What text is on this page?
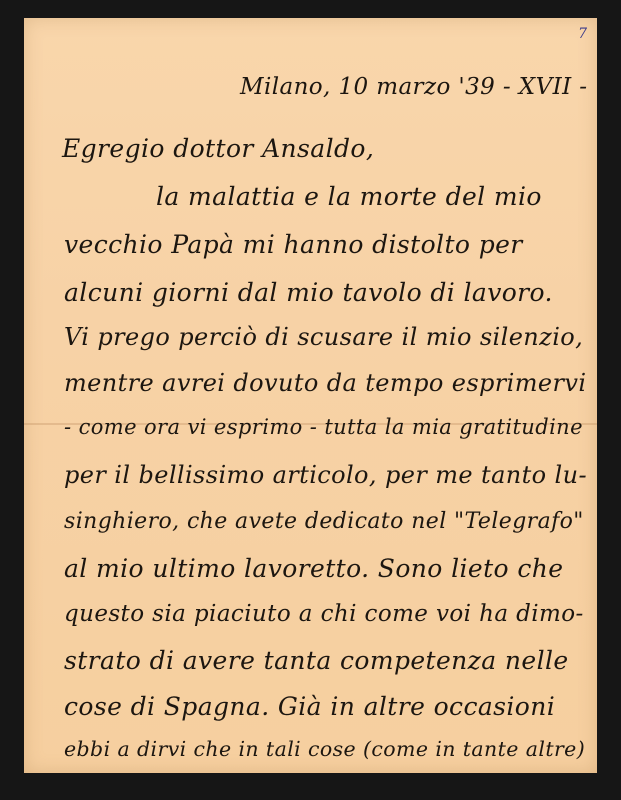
7
Milano, 10 marzo '39 - XVII -
Egregio dottor Ansaldo,
la malattia e la morte del mio
vecchio Papà mi hanno distolto per
alcuni giorni dal mio tavolo di lavoro.
Vi prego perciò di scusare il mio silenzio,
mentre avrei dovuto da tempo esprimervi
- come ora vi esprimo - tutta la mia gratitudine
per il bellissimo articolo, per me tanto lu-
singhiero, che avete dedicato nel "Telegrafo"
al mio ultimo lavoretto. Sono lieto che
questo sia piaciuto a chi come voi ha dimo-
strato di avere tanta competenza nelle
cose di Spagna. Già in altre occasioni
ebbi a dirvi che in tali cose (come in tante altre)
